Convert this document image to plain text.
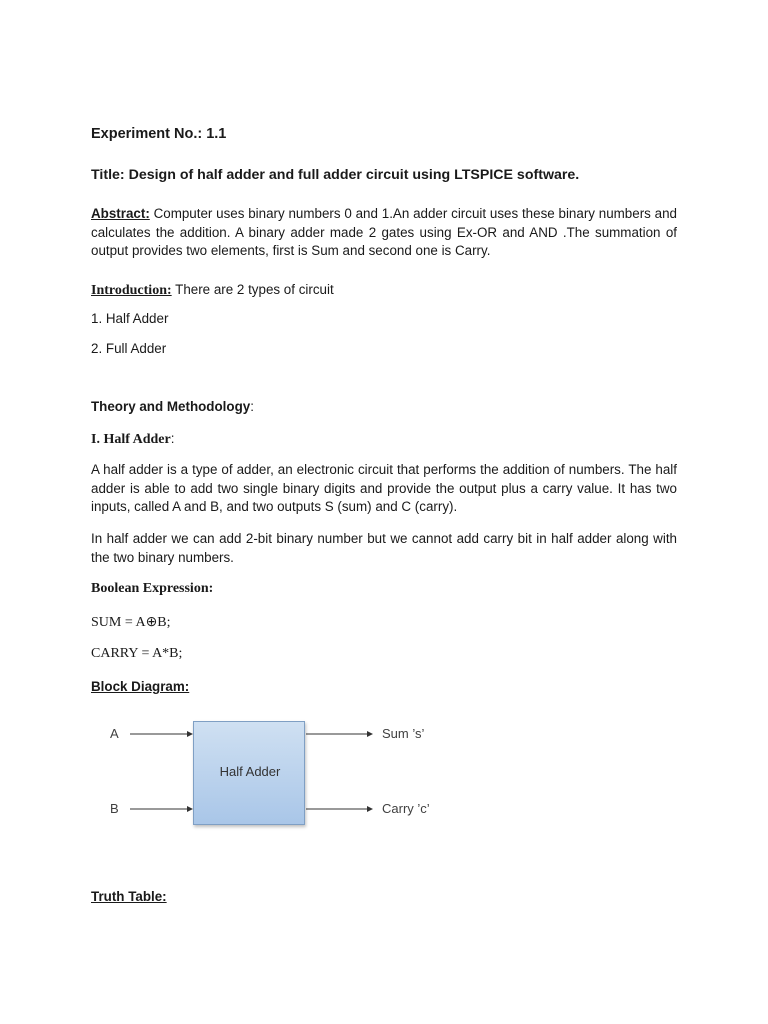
Experiment No.: 1.1
Title: Design of half adder and full adder circuit using LTSPICE software.
Abstract: Computer uses binary numbers 0 and 1.An adder circuit uses these binary numbers and calculates the addition. A binary adder made 2 gates using Ex-OR and AND .The summation of output provides two elements, first is Sum and second one is Carry.
Introduction: There are 2 types of circuit
1. Half Adder
2. Full Adder
Theory and Methodology:
I. Half Adder:
A half adder is a type of adder, an electronic circuit that performs the addition of numbers. The half adder is able to add two single binary digits and provide the output plus a carry value. It has two inputs, called A and B, and two outputs S (sum) and C (carry).
In half adder we can add 2-bit binary number but we cannot add carry bit in half adder along with the two binary numbers.
Boolean Expression:
SUM = A⊕B;
CARRY = A*B;
Block Diagram:
A
B
Half Adder
Sum ’s’
Carry ’c’
Truth Table:
